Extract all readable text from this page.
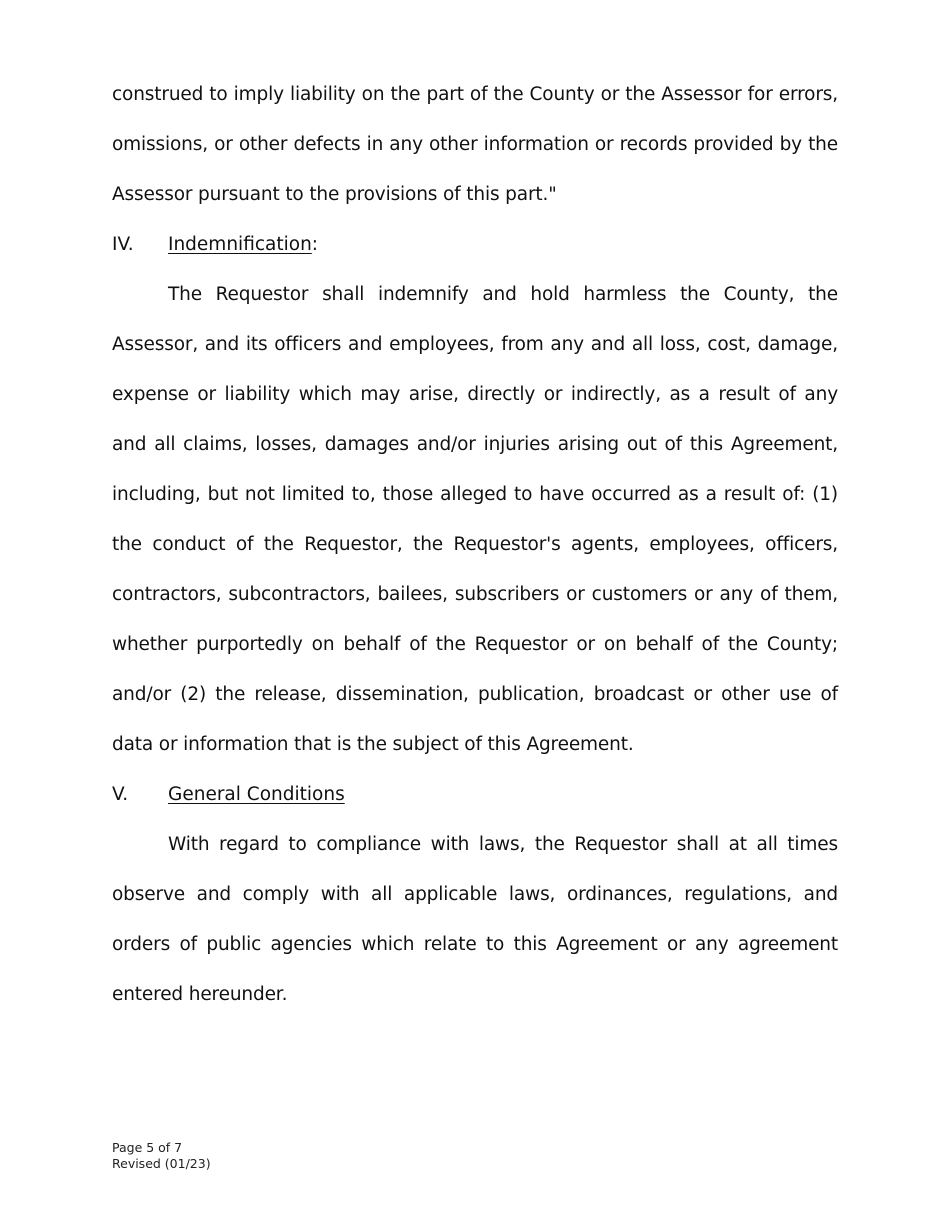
construed to imply liability on the part of the County or the Assessor for errors, omissions, or other defects in any other information or records provided by the Assessor pursuant to the provisions of this part."

IV.	Indemnification:

The Requestor shall indemnify and hold harmless the County, the Assessor, and its officers and employees, from any and all loss, cost, damage, expense or liability which may arise, directly or indirectly, as a result of any and all claims, losses, damages and/or injuries arising out of this Agreement, including, but not limited to, those alleged to have occurred as a result of: (1) the conduct of the Requestor, the Requestor's agents, employees, officers, contractors, subcontractors, bailees, subscribers or customers or any of them, whether purportedly on behalf of the Requestor or on behalf of the County; and/or (2) the release, dissemination, publication, broadcast or other use of data or information that is the subject of this Agreement.

V.	General Conditions

With regard to compliance with laws, the Requestor shall at all times observe and comply with all applicable laws, ordinances, regulations, and orders of public agencies which relate to this Agreement or any agreement entered hereunder.

Page 5 of 7
Revised (01/23)
